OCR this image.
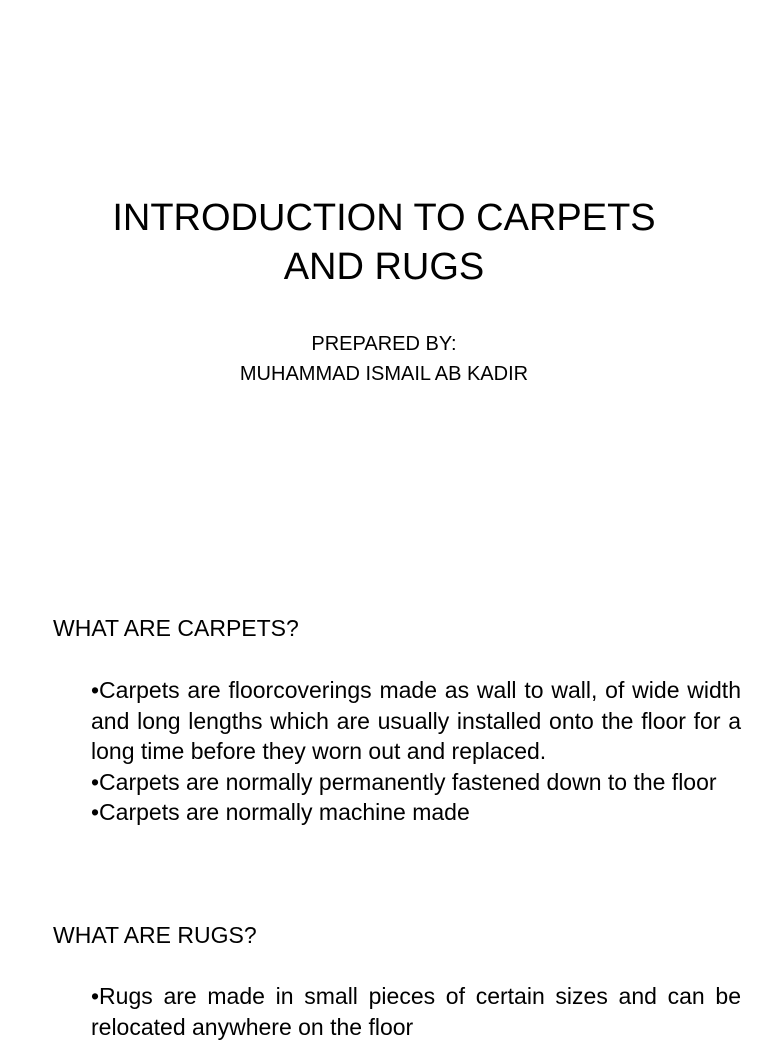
INTRODUCTION TO CARPETS
AND RUGS

PREPARED BY:

MUHAMMAD ISMAIL AB KADIR

WHAT ARE CARPETS?
•Carpets are floorcoverings made as wall to wall, of wide width and long lengths which are usually installed onto the floor for a long time before they worn out and replaced.
•Carpets are normally permanently fastened down to the floor
•Carpets are normally machine made
WHAT ARE RUGS?
•Rugs are made in small pieces of certain sizes and can be relocated anywhere on the floor
